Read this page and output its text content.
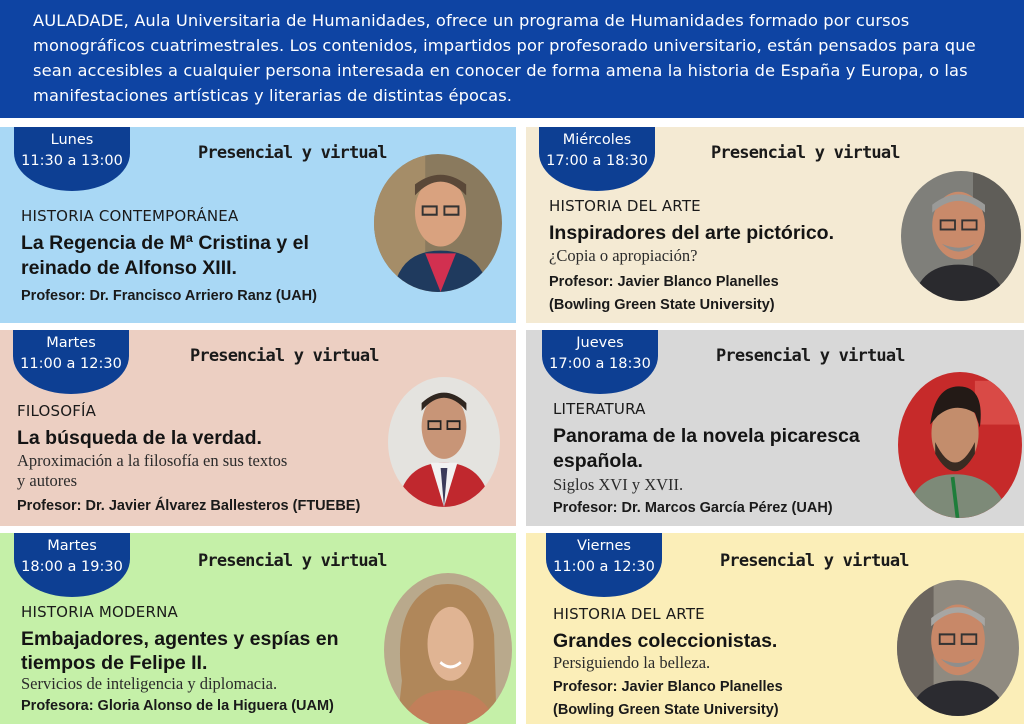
AULADADE, Aula Universitaria de Humanidades, ofrece un programa de Humanidades formado por cursos monográficos cuatrimestrales. Los contenidos, impartidos por profesorado universitario, están pensados para que sean accesibles a cualquier persona interesada en conocer de forma amena la historia de España y Europa, o las manifestaciones artísticas y literarias de distintas épocas.

Lunes
11:30 a 13:00	Presencial y virtual
HISTORIA CONTEMPORÁNEA
La Regencia de Mª Cristina y el
reinado de Alfonso XIII.
Profesor: Dr. Francisco Arriero Ranz (UAH)
Miércoles
17:00 a 18:30	Presencial y virtual
HISTORIA DEL ARTE
Inspiradores del arte pictórico.
¿Copia o apropiación?
Profesor: Javier Blanco Planelles
(Bowling Green State University)
Martes
11:00 a 12:30	Presencial y virtual
FILOSOFÍA
La búsqueda de la verdad.
Aproximación a la filosofía en sus textos
y autores
Profesor: Dr. Javier Álvarez Ballesteros (FTUEBE)
Jueves
17:00 a 18:30	Presencial y virtual
LITERATURA
Panorama de la novela picaresca
española.
Siglos XVI y XVII.
Profesor: Dr. Marcos García Pérez (UAH)
Martes
18:00 a 19:30	Presencial y virtual
HISTORIA MODERNA
Embajadores, agentes y espías en
tiempos de Felipe II.
Servicios de inteligencia y diplomacia.
Profesora: Gloria Alonso de la Higuera (UAM)
Viernes
11:00 a 12:30	Presencial y virtual
HISTORIA DEL ARTE
Grandes coleccionistas.
Persiguiendo la belleza.
Profesor: Javier Blanco Planelles
(Bowling Green State University)
